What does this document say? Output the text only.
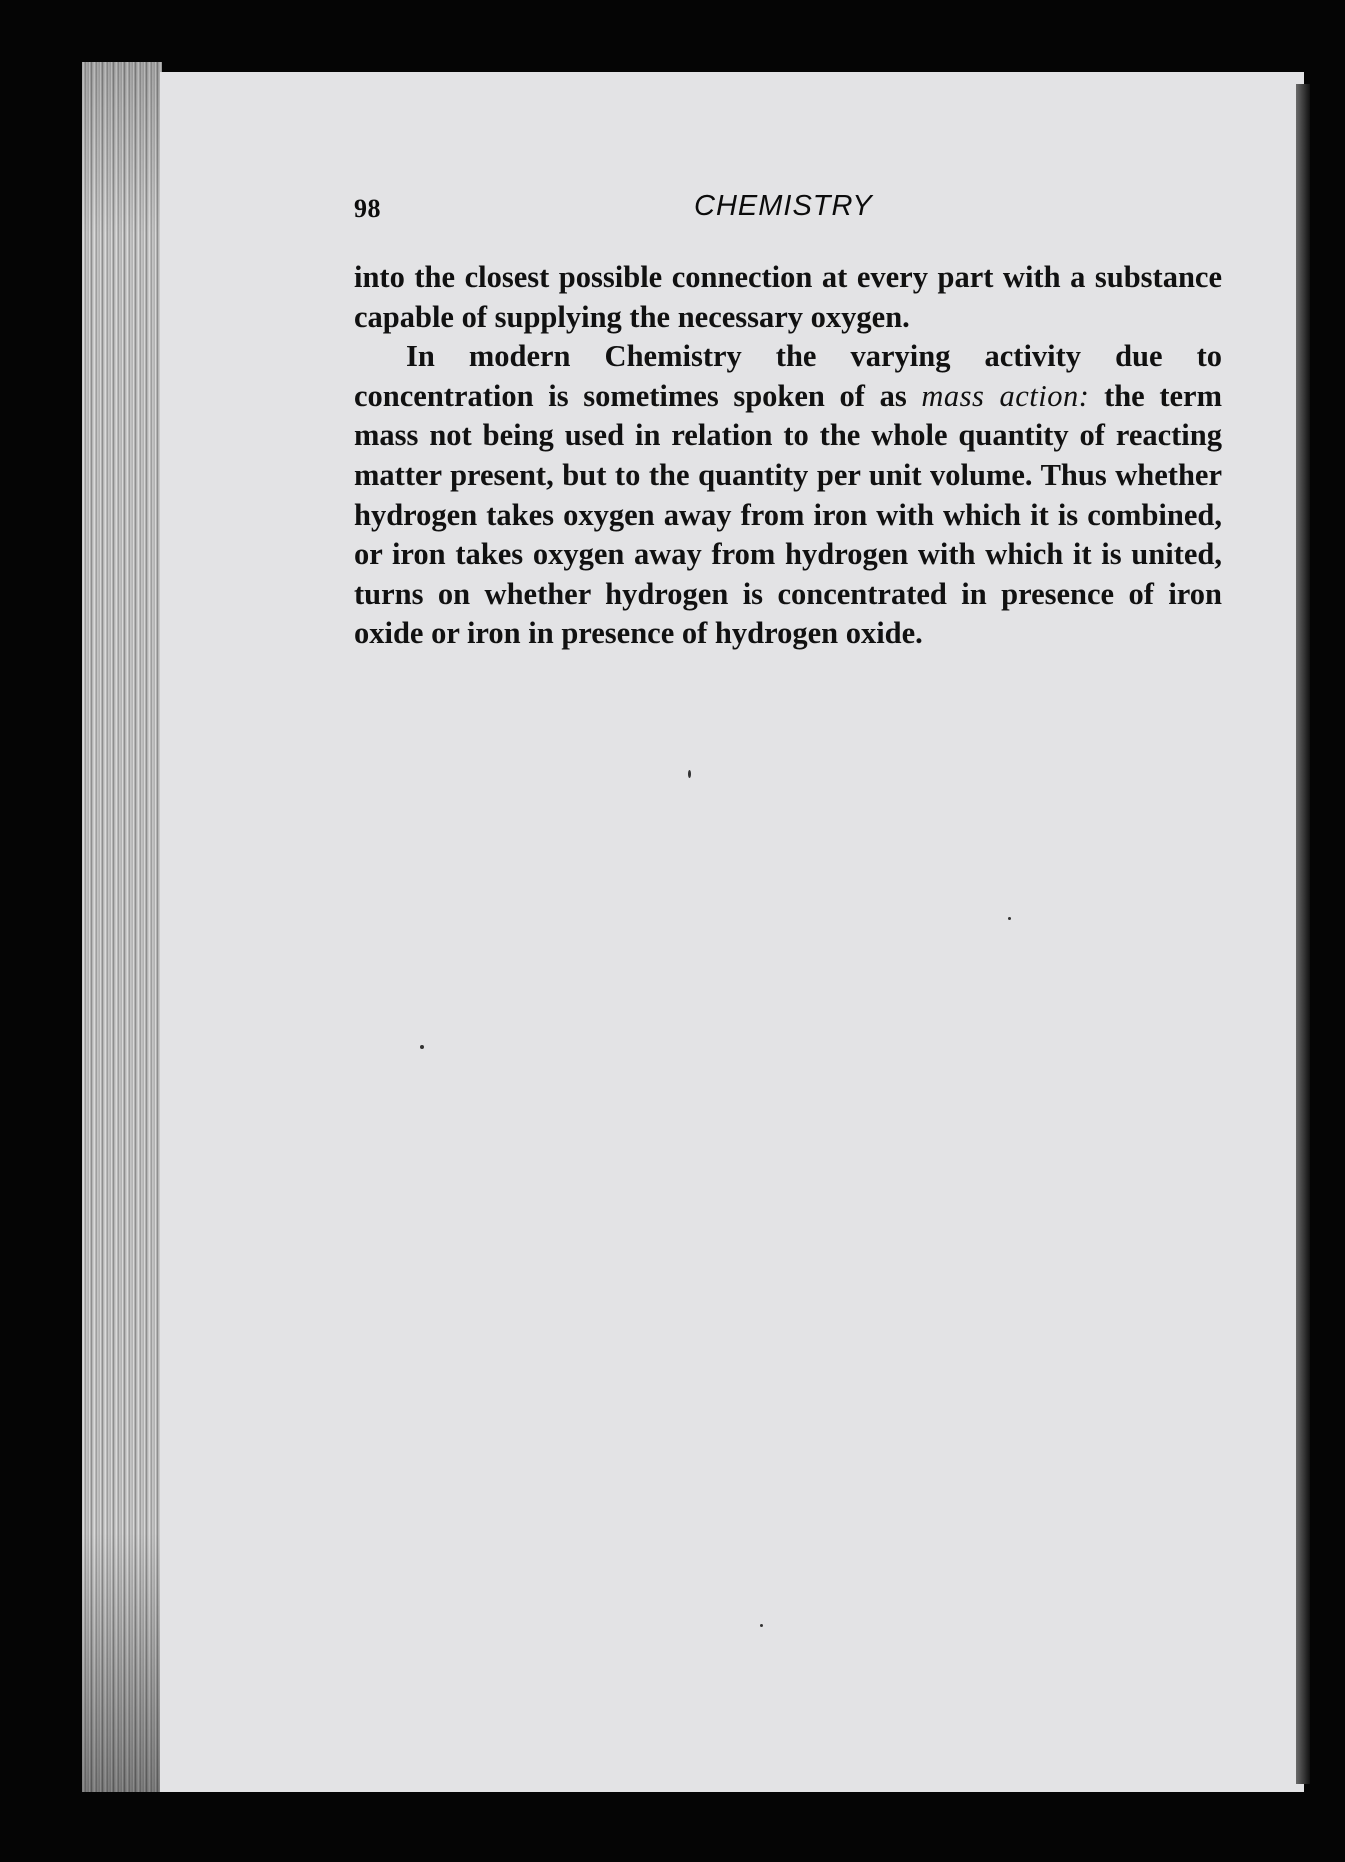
98	CHEMISTRY

into the closest possible connection at every part with a substance capable of supplying the necessary oxygen.

In modern Chemistry the varying activity due to concentration is sometimes spoken of as mass action: the term mass not being used in relation to the whole quantity of reacting matter present, but to the quantity per unit volume. Thus whether hydrogen takes oxygen away from iron with which it is combined, or iron takes oxygen away from hydrogen with which it is united, turns on whether hydrogen is concentrated in presence of iron oxide or iron in presence of hydrogen oxide.
